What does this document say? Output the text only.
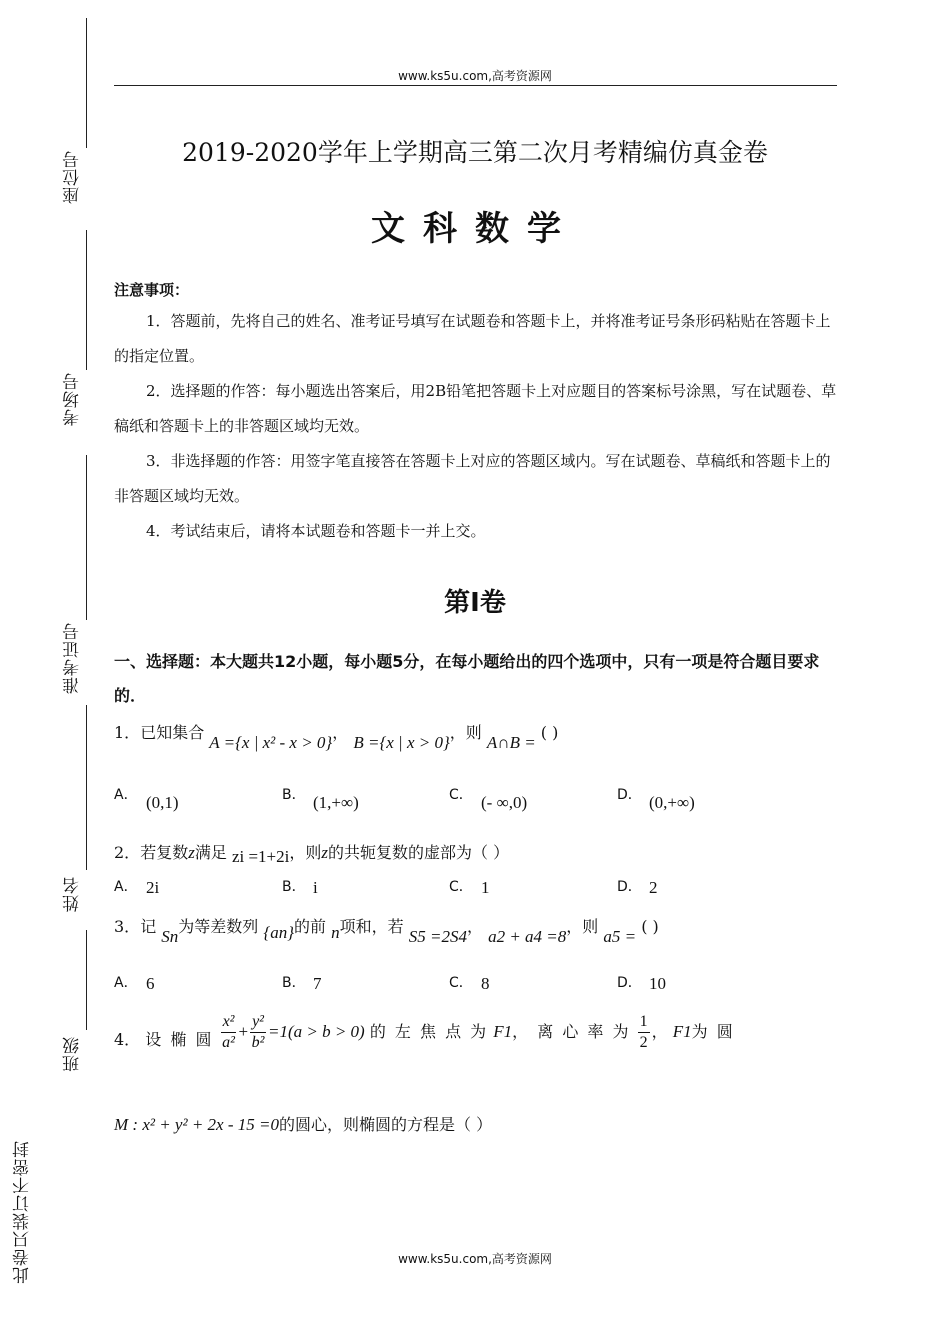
www.ks5u.com,高考资源网
座位号
考场号
准考证号
姓名
班级
此卷只装订不密封
2019-2020学年上学期高三第二次月考精编仿真金卷
文科数学
注意事项：
1．答题前，先将自己的姓名、准考证号填写在试题卷和答题卡上，并将准考证号条形码粘贴在答题卡上的指定位置。
2．选择题的作答：每小题选出答案后，用2B铅笔把答题卡上对应题目的答案标号涂黑，写在试题卷、草稿纸和答题卡上的非答题区域均无效。
3．非选择题的作答：用签字笔直接答在答题卡上对应的答题区域内。写在试题卷、草稿纸和答题卡上的非答题区域均无效。
4．考试结束后，请将本试题卷和答题卡一并上交。
第Ⅰ卷
一、选择题：本大题共12小题，每小题5分，在每小题给出的四个选项中，只有一项是符合题目要求的．
1．已知集合 A ={x | x² - x > 0}， B ={x | x > 0}，则 A∩B = ( )
A． (0,1)	B． (1,+∞)	C． (- ∞,0)	D． (0,+∞)
2．若复数z满足 zi =1+2i，则z的共轭复数的虚部为（ ）
A． 2i	B． i	C． 1	D． 2
3．记 Sn为等差数列 {an}的前 n项和，若 S5 =2S4， a2 + a4 =8，则 a5 = ( )
A． 6	B． 7	C． 8	D． 10
4． 设 椭 圆 $\frac{\text{x²}}{\text{a²}} + \frac{\text{y²}}{\text{b²}} =1(a > b > 0)$ 的 左 焦 点 为 F1， 离 心 率 为 $\frac{1}{2}$ ， F1为 圆
M : x² + y² + 2x - 15 =0的圆心，则椭圆的方程是（ ）
www.ks5u.com,高考资源网
